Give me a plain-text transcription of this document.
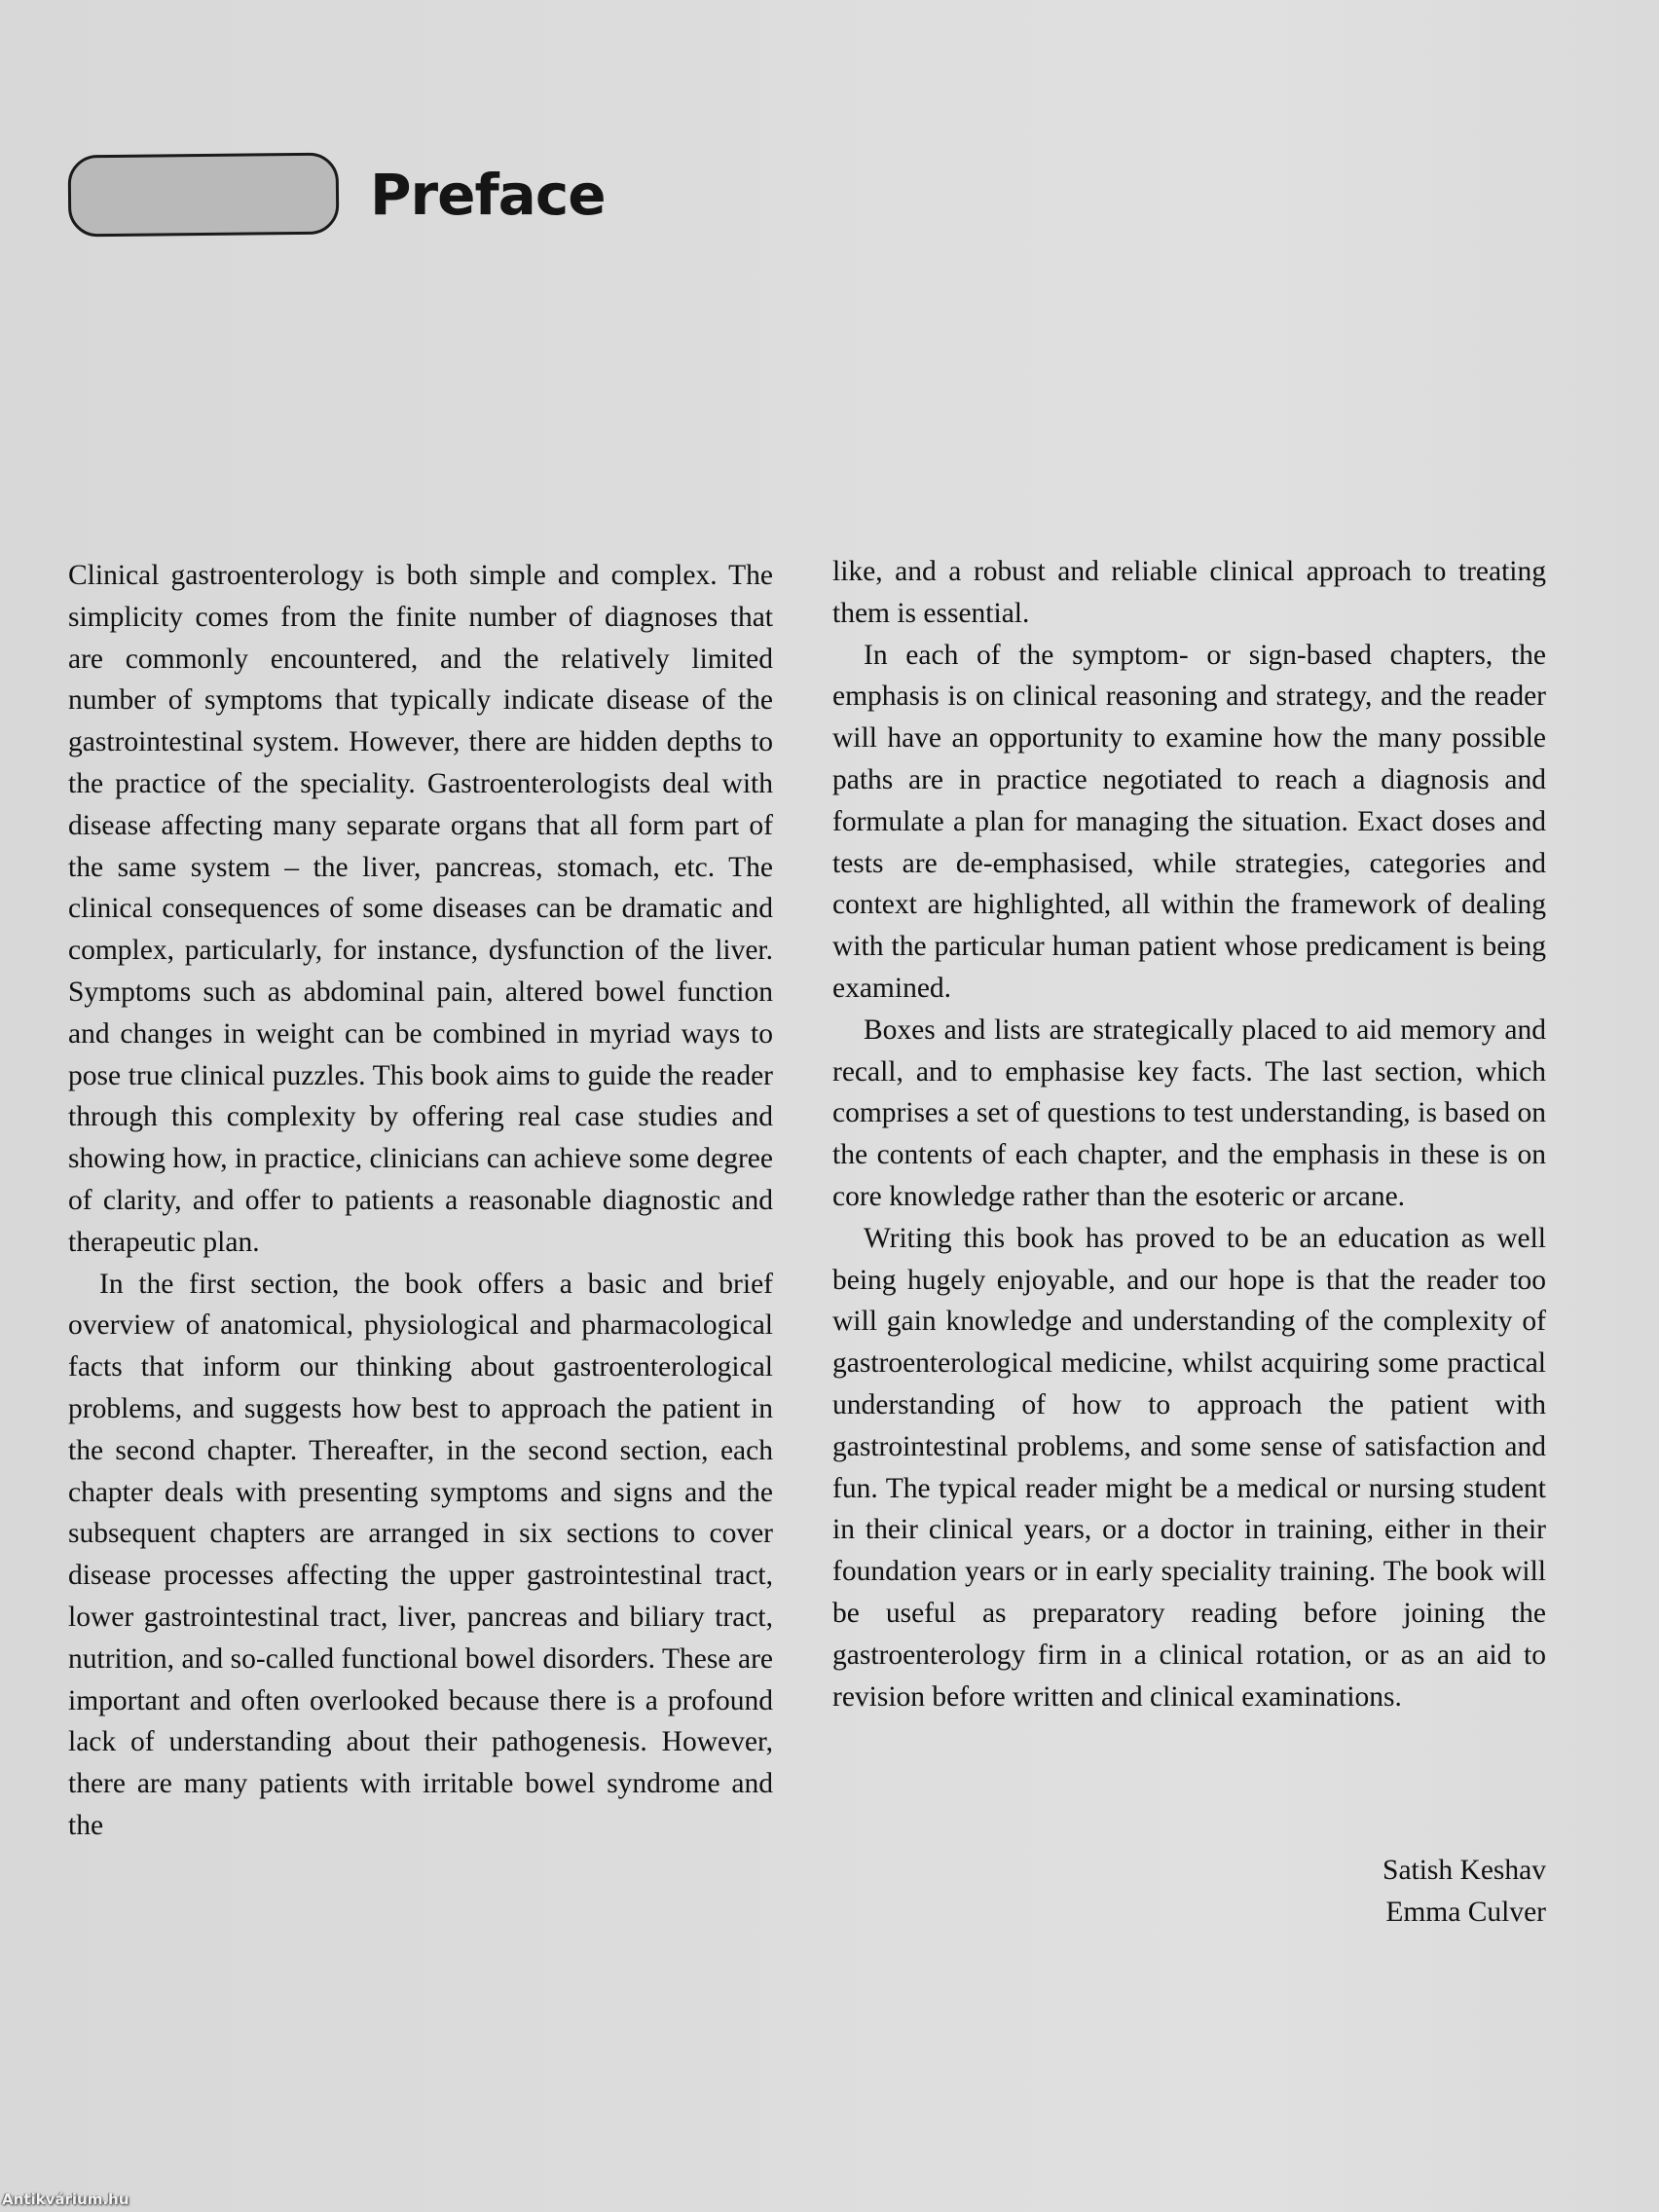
Preface

Clinical gastroenterology is both simple and complex. The simplicity comes from the finite number of diagnoses that are commonly encountered, and the relatively limited number of symptoms that typically indicate disease of the gastrointestinal system. However, there are hidden depths to the practice of the speciality. Gastroenterologists deal with disease affecting many separate organs that all form part of the same system – the liver, pancreas, stomach, etc. The clinical consequences of some diseases can be dramatic and complex, particularly, for instance, dysfunction of the liver. Symptoms such as abdominal pain, altered bowel function and changes in weight can be combined in myriad ways to pose true clinical puzzles. This book aims to guide the reader through this complexity by offering real case studies and showing how, in practice, clinicians can achieve some degree of clarity, and offer to patients a reasonable diagnostic and therapeutic plan.

In the first section, the book offers a basic and brief overview of anatomical, physiological and pharmacological facts that inform our thinking about gastroenterological problems, and suggests how best to approach the patient in the second chapter. Thereafter, in the second section, each chapter deals with presenting symptoms and signs and the subsequent chapters are arranged in six sections to cover disease processes affecting the upper gastrointestinal tract, lower gastrointestinal tract, liver, pancreas and biliary tract, nutrition, and so-called functional bowel disorders. These are important and often overlooked because there is a profound lack of understanding about their pathogenesis. However, there are many patients with irritable bowel syndrome and the

like, and a robust and reliable clinical approach to treating them is essential.

In each of the symptom- or sign-based chapters, the emphasis is on clinical reasoning and strategy, and the reader will have an opportunity to examine how the many possible paths are in practice negotiated to reach a diagnosis and formulate a plan for managing the situation. Exact doses and tests are de-emphasised, while strategies, categories and context are highlighted, all within the framework of dealing with the particular human patient whose predicament is being examined.

Boxes and lists are strategically placed to aid memory and recall, and to emphasise key facts. The last section, which comprises a set of questions to test understanding, is based on the contents of each chapter, and the emphasis in these is on core knowledge rather than the esoteric or arcane.

Writing this book has proved to be an education as well being hugely enjoyable, and our hope is that the reader too will gain knowledge and understanding of the complexity of gastroenterological medicine, whilst acquiring some practical understanding of how to approach the patient with gastrointestinal problems, and some sense of satisfaction and fun. The typical reader might be a medical or nursing student in their clinical years, or a doctor in training, either in their foundation years or in early speciality training. The book will be useful as preparatory reading before joining the gastroenterology firm in a clinical rotation, or as an aid to revision before written and clinical examinations.

Satish Keshav
Emma Culver
Antikvárium.hu
